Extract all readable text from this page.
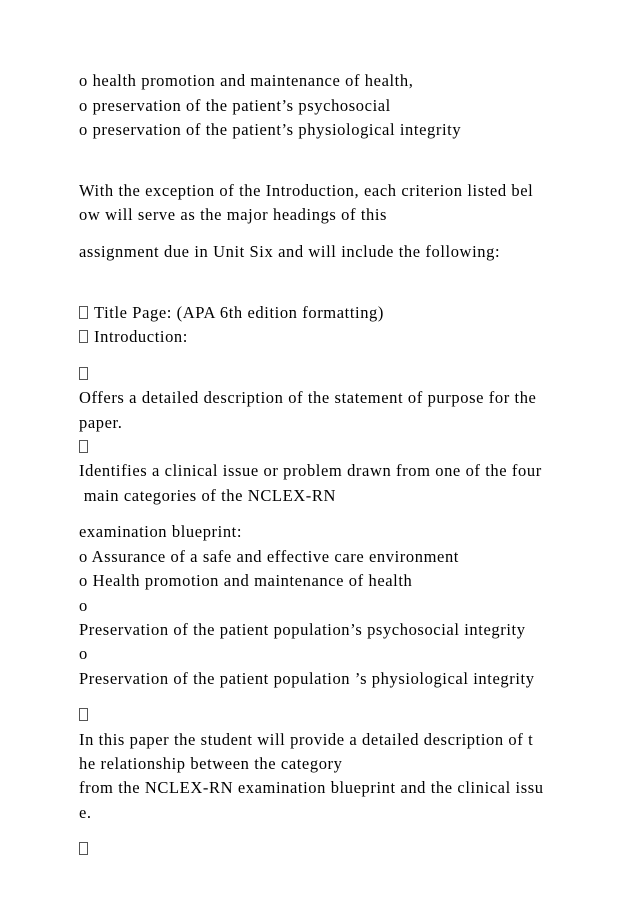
o health promotion and maintenance of health,
o preservation of the patient’s psychosocial
o preservation of the patient’s physiological integrity
With the exception of the Introduction, each criterion listed bel
ow will serve as the major headings of this
assignment due in Unit Six and will include the following:
Title Page: (APA 6th edition formatting)
Introduction:
Offers a detailed description of the statement of purpose for the
paper.
Identifies a clinical issue or problem drawn from one of the four
main categories of the NCLEX-RN
examination blueprint:
o Assurance of a safe and effective care environment
o Health promotion and maintenance of health
o
Preservation of the patient population’s psychosocial integrity
o
Preservation of the patient population ’s physiological integrity
In this paper the student will provide a detailed description of t
he relationship between the category
from the NCLEX-RN examination blueprint and the clinical issu
e.
